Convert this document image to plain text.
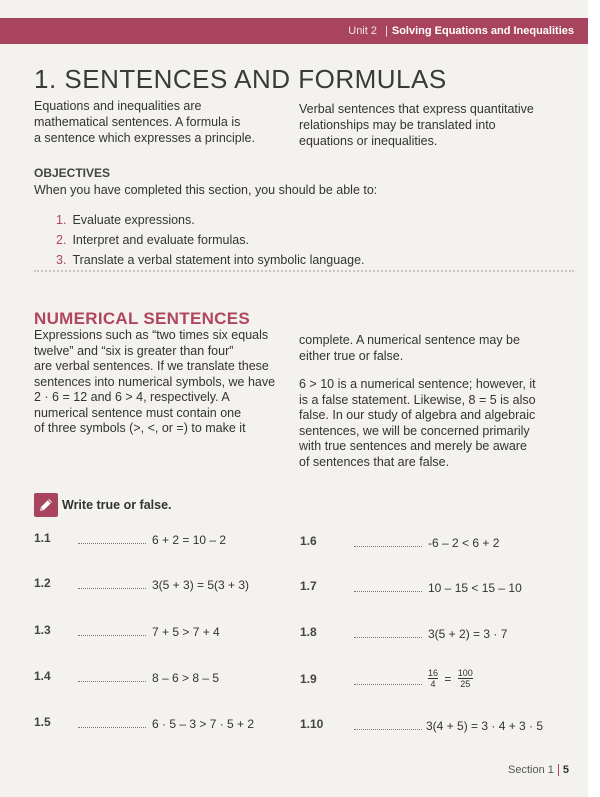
Unit 2 | Solving Equations and Inequalities
1. SENTENCES AND FORMULAS
Equations and inequalities are
mathematical sentences. A formula is
a sentence which expresses a principle.
Verbal sentences that express quantitative
relationships may be translated into
equations or inequalities.
OBJECTIVES
When you have completed this section, you should be able to:
1. Evaluate expressions.
2. Interpret and evaluate formulas.
3. Translate a verbal statement into symbolic language.
NUMERICAL SENTENCES

Expressions such as “two times six equals

twelve” and “six is greater than four”

are verbal sentences. If we translate these

sentences into numerical symbols, we have

2 · 6 = 12 and 6 > 4, respectively. A

numerical sentence must contain one

of three symbols (>, <, or =) to make it

complete. A numerical sentence may be
either true or false.

6 > 10 is a numerical sentence; however, it
is a false statement. Likewise, 8 = 5 is also
false. In our study of algebra and algebraic
sentences, we will be concerned primarily
with true sentences and merely be aware
of sentences that are false.

Write true or false.
1.1	6 + 2 = 10 – 2
1.2	3(5 + 3) = 5(3 + 3)
1.3	7 + 5 > 7 + 4
1.4	8 – 6 > 8 – 5
1.5	6 · 5 – 3 > 7 · 5 + 2
1.6	-6 – 2 < 6 + 2
1.7	10 – 15 < 15 – 10
1.8	3(5 + 2) = 3 · 7
1.9	$\frac{16}{4} = \frac{100}{25}$
1.10	3(4 + 5) = 3 · 4 + 3 · 5
Section 1 5
